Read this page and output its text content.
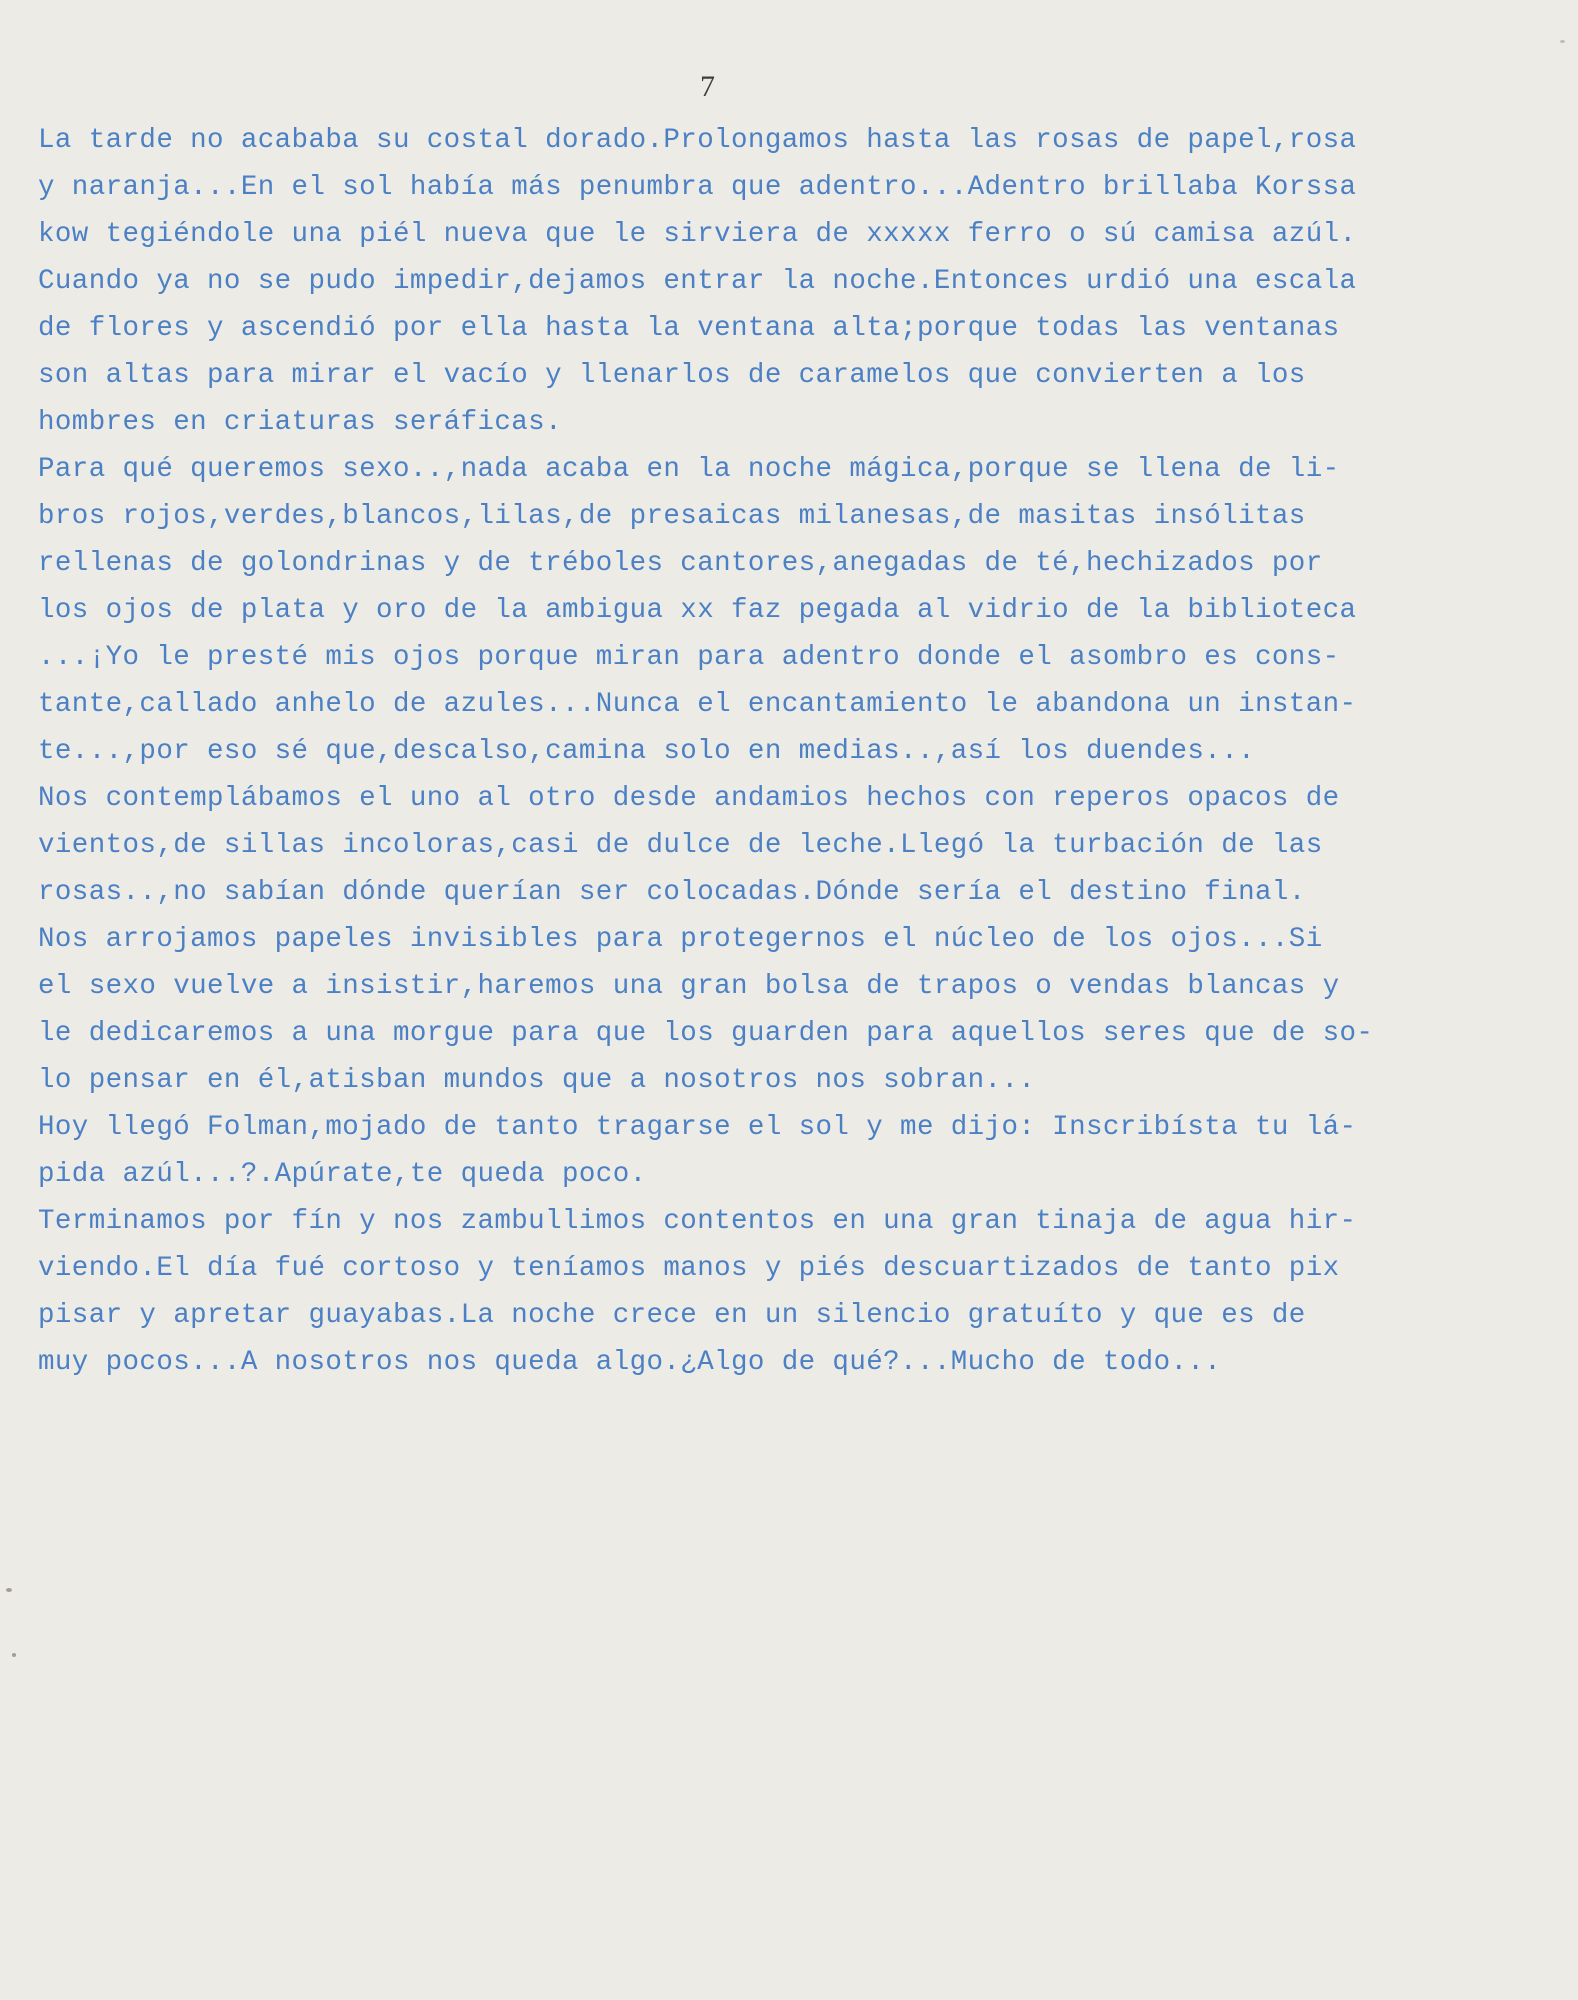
7
La tarde no acababa su costal dorado.Prolongamos hasta las rosas de papel,rosa
y naranja...En el sol había más penumbra que adentro...Adentro brillaba Korssa
kow tegiéndole una piél nueva que le sirviera de xxxxx ferro o sú camisa azúl.
Cuando ya no se pudo impedir,dejamos entrar la noche.Entonces urdió una escala
de flores y ascendió por ella hasta la ventana alta;porque todas las ventanas
son altas para mirar el vacío y llenarlos de caramelos que convierten a los
hombres en criaturas seráficas.
Para qué queremos sexo..,nada acaba en la noche mágica,porque se llena de li-
bros rojos,verdes,blancos,lilas,de presaicas milanesas,de masitas insólitas
rellenas de golondrinas y de tréboles cantores,anegadas de té,hechizados por
los ojos de plata y oro de la ambigua xx faz pegada al vidrio de la biblioteca
...¡Yo le presté mis ojos porque miran para adentro donde el asombro es cons-
tante,callado anhelo de azules...Nunca el encantamiento le abandona un instan-
te...,por eso sé que,descalso,camina solo en medias..,así los duendes...
Nos contemplábamos el uno al otro desde andamios hechos con reperos opacos de
vientos,de sillas incoloras,casi de dulce de leche.Llegó la turbación de las
rosas..,no sabían dónde querían ser colocadas.Dónde sería el destino final.
Nos arrojamos papeles invisibles para protegernos el núcleo de los ojos...Si
el sexo vuelve a insistir,haremos una gran bolsa de trapos o vendas blancas y
le dedicaremos a una morgue para que los guarden para aquellos seres que de so-
lo pensar en él,atisban mundos que a nosotros nos sobran...
Hoy llegó Folman,mojado de tanto tragarse el sol y me dijo: Inscribísta tu lá-
pida azúl...?.Apúrate,te queda poco.
Terminamos por fín y nos zambullimos contentos en una gran tinaja de agua hir-
viendo.El día fué cortoso y teníamos manos y piés descuartizados de tanto pix
pisar y apretar guayabas.La noche crece en un silencio gratuíto y que es de
muy pocos...A nosotros nos queda algo.¿Algo de qué?...Mucho de todo...
